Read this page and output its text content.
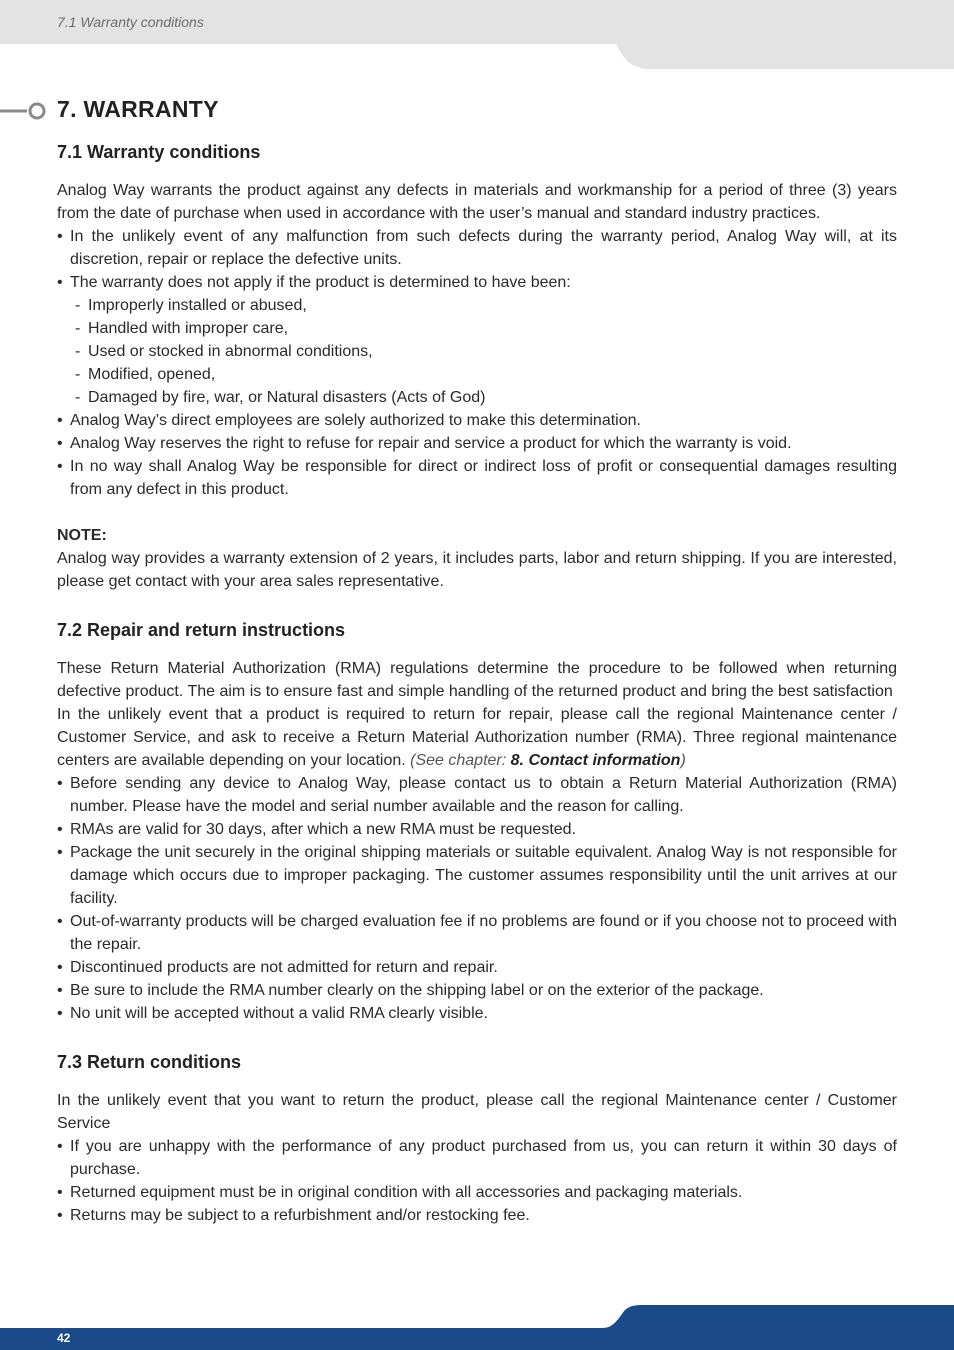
7.1 Warranty conditions
7. WARRANTY
7.1 Warranty conditions

Analog Way warrants the product against any defects in materials and workmanship for a period of three (3) years from the date of purchase when used in accordance with the user’s manual and standard industry practices.

• In the unlikely event of any malfunction from such defects during the warranty period, Analog Way will, at its discretion, repair or replace the defective units.
• The warranty does not apply if the product is determined to have been:
- Improperly installed or abused,
- Handled with improper care,
- Used or stocked in abnormal conditions,
- Modified, opened,
- Damaged by fire, war, or Natural disasters (Acts of God)
• Analog Way’s direct employees are solely authorized to make this determination.
• Analog Way reserves the right to refuse for repair and service a product for which the warranty is void.
• In no way shall Analog Way be responsible for direct or indirect loss of profit or consequential damages resulting from any defect in this product.

NOTE:

Analog way provides a warranty extension of 2 years, it includes parts, labor and return shipping. If you are interested, please get contact with your area sales representative.

7.2 Repair and return instructions

These Return Material Authorization (RMA) regulations determine the procedure to be followed when returning defective product. The aim is to ensure fast and simple handling of the returned product and bring the best satisfaction

In the unlikely event that a product is required to return for repair, please call the regional Maintenance center / Customer Service, and ask to receive a Return Material Authorization number (RMA). Three regional maintenance centers are available depending on your location. (See chapter: 8. Contact information)

• Before sending any device to Analog Way, please contact us to obtain a Return Material Authorization (RMA) number. Please have the model and serial number available and the reason for calling.
• RMAs are valid for 30 days, after which a new RMA must be requested.
• Package the unit securely in the original shipping materials or suitable equivalent. Analog Way is not responsible for damage which occurs due to improper packaging. The customer assumes responsibility until the unit arrives at our facility.
• Out-of-warranty products will be charged evaluation fee if no problems are found or if you choose not to proceed with the repair.
• Discontinued products are not admitted for return and repair.
• Be sure to include the RMA number clearly on the shipping label or on the exterior of the package.
• No unit will be accepted without a valid RMA clearly visible.
7.3 Return conditions

In the unlikely event that you want to return the product, please call the regional Maintenance center / Customer Service

• If you are unhappy with the performance of any product purchased from us, you can return it within 30 days of purchase.
• Returned equipment must be in original condition with all accessories and packaging materials.
• Returns may be subject to a refurbishment and/or restocking fee.
42
